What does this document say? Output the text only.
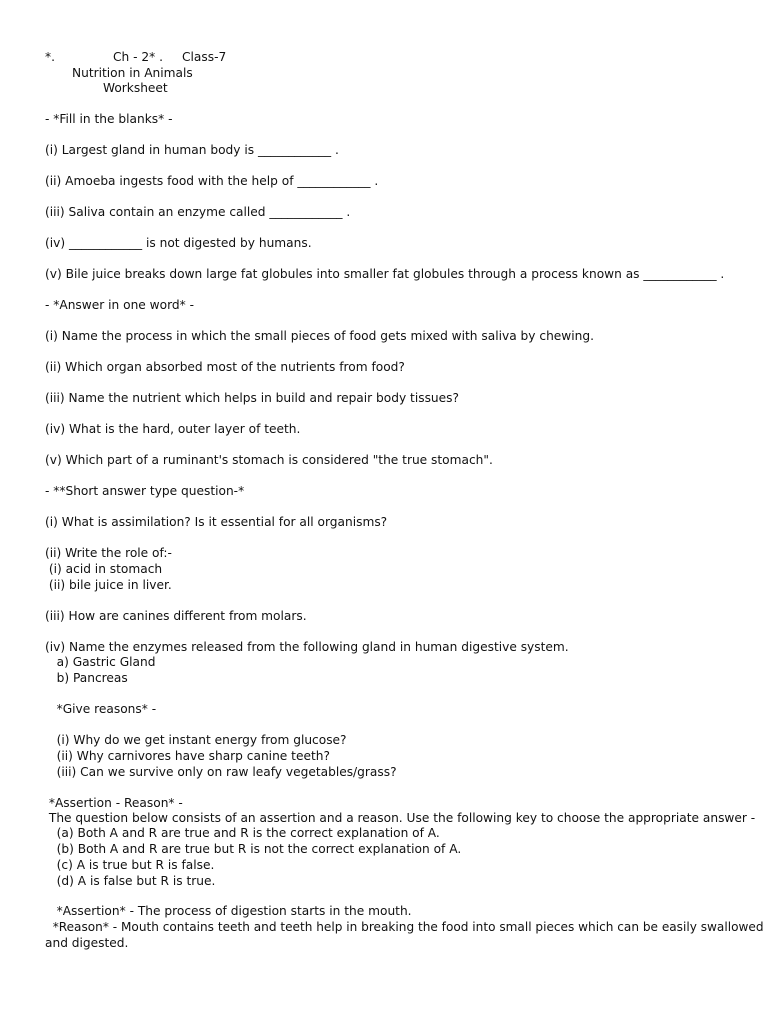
*.	Ch - 2* . Class-7
Nutrition in Animals
Worksheet
- *Fill in the blanks* -
(i) Largest gland in human body is ____________ .
(ii) Amoeba ingests food with the help of ____________ .
(iii) Saliva contain an enzyme called ____________ .
(iv) ____________ is not digested by humans.
(v) Bile juice breaks down large fat globules into smaller fat globules through a process known as ____________ .
- *Answer in one word* -
(i) Name the process in which the small pieces of food gets mixed with saliva by chewing.
(ii) Which organ absorbed most of the nutrients from food?
(iii) Name the nutrient which helps in build and repair body tissues?
(iv) What is the hard, outer layer of teeth.
(v) Which part of a ruminant's stomach is considered "the true stomach".
- **Short answer type question-*
(i) What is assimilation? Is it essential for all organisms?
(ii) Write the role of:-
(i) acid in stomach
(ii) bile juice in liver.
(iii) How are canines different from molars.
(iv) Name the enzymes released from the following gland in human digestive system.
a) Gastric Gland
b) Pancreas
*Give reasons* -
(i) Why do we get instant energy from glucose?
(ii) Why carnivores have sharp canine teeth?
(iii) Can we survive only on raw leafy vegetables/grass?
*Assertion - Reason* -
The question below consists of an assertion and a reason. Use the following key to choose the appropriate answer -
(a) Both A and R are true and R is the correct explanation of A.
(b) Both A and R are true but R is not the correct explanation of A.
(c) A is true but R is false.
(d) A is false but R is true.
*Assertion* - The process of digestion starts in the mouth.
*Reason* - Mouth contains teeth and teeth help in breaking the food into small pieces which can be easily swallowed
and digested.
